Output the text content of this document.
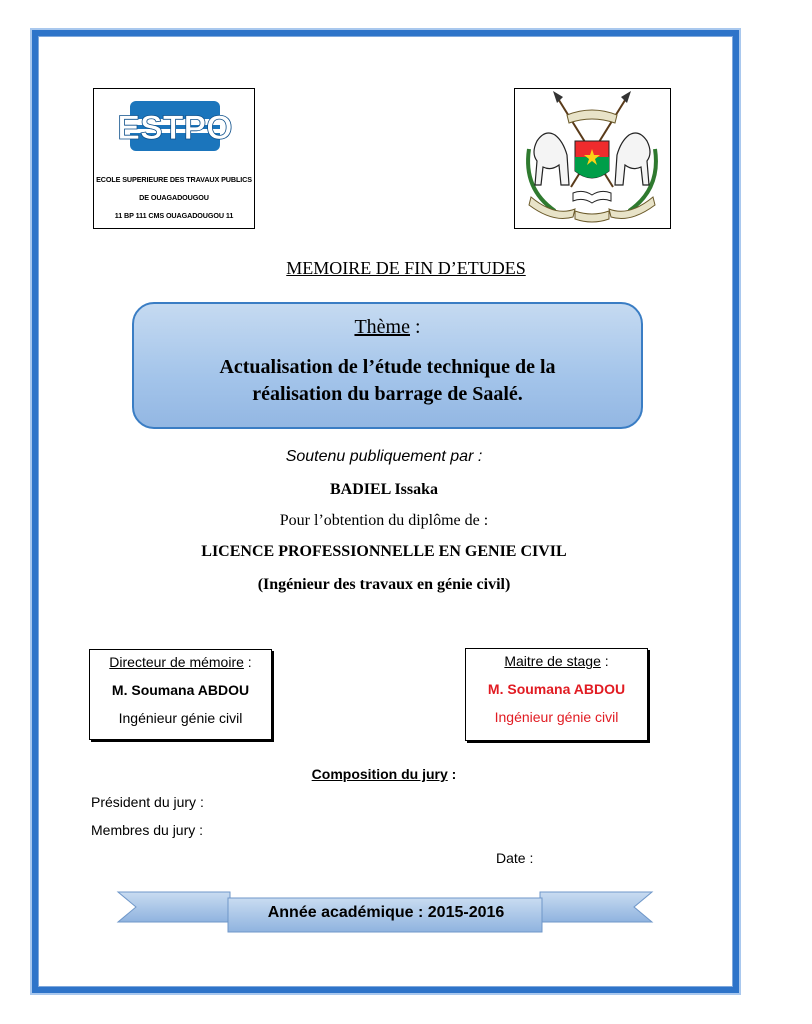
ESTPO
ECOLE SUPERIEURE DES TRAVAUX PUBLICS
DE OUAGADOUGOU
11 BP 111 CMS OUAGADOUGOU 11
MEMOIRE DE FIN D’ETUDES
Thème :
Actualisation de l’étude technique de la
réalisation du barrage de Saalé.
Soutenu publiquement par :
BADIEL Issaka
Pour l’obtention du diplôme de :
LICENCE PROFESSIONNELLE EN GENIE CIVIL
(Ingénieur des travaux en génie civil)
Directeur de mémoire :
M. Soumana ABDOU
Ingénieur génie civil
Maitre de stage :
M. Soumana ABDOU
Ingénieur génie civil
Composition du jury :
Président du jury :
Membres du jury :
Date :
Année académique : 2015-2016
